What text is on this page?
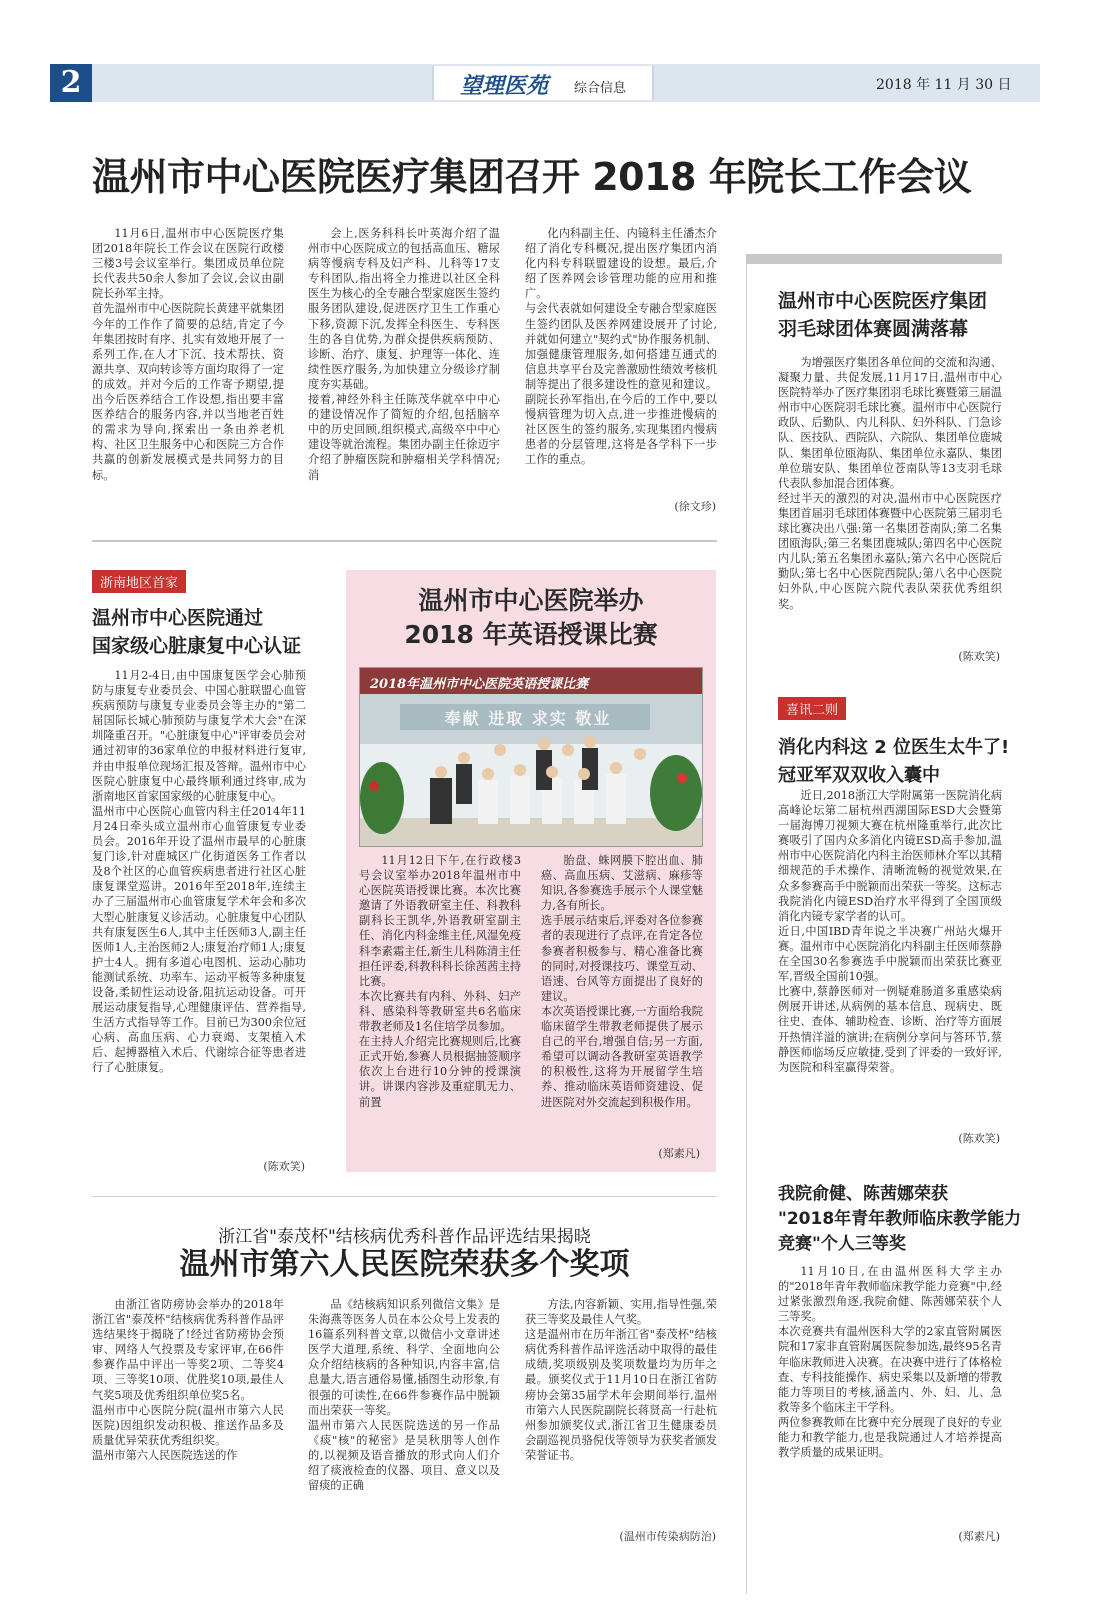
2	望理医苑 综合信息	2018 年 11 月 30 日
温州市中心医院医疗集团召开 2018 年院长工作会议
11月6日,温州市中心医院医疗集团2018年院长工作会议在医院行政楼三楼3号会议室举行。集团成员单位院长代表共50余人参加了会议,会议由副院长孙军主持。
首先温州市中心医院院长黄建平就集团今年的工作作了简要的总结,肯定了今年集团按时有序、扎实有效地开展了一系列工作,在人才下沉、技术帮扶、资源共享、双向转诊等方面均取得了一定的成效。并对今后的工作寄予期望,提出今后医养结合工作设想,指出要丰富医养结合的服务内容,并以当地老百姓的需求为导向,探索出一条由养老机构、社区卫生服务中心和医院三方合作共赢的创新发展模式是共同努力的目标。
会上,医务科科长叶英海介绍了温州市中心医院成立的包括高血压、糖尿病等慢病专科及妇产科、儿科等17支专科团队,指出将全力推进以社区全科医生为核心的全专融合型家庭医生签约服务团队建设,促进医疗卫生工作重心下移,资源下沉,发挥全科医生、专科医生的各自优势,为群众提供疾病预防、诊断、治疗、康复、护理等一体化、连续性医疗服务,为加快建立分级诊疗制度夯实基础。
接着,神经外科主任陈茂华就卒中中心的建设情况作了简短的介绍,包括脑卒中的历史回顾,组织模式,高级卒中中心建设等就治流程。集团办副主任徐迈宇介绍了肿瘤医院和肿瘤相关学科情况;消
化内科副主任、内镜科主任潘杰介绍了消化专科概况,提出医疗集团内消化内科专科联盟建设的设想。最后,介绍了医养网会诊管理功能的应用和推广。
与会代表就如何建设全专融合型家庭医生签约团队及医养网建设展开了讨论,并就如何建立"契约式"协作服务机制、加强健康管理服务,如何搭建互通式的信息共享平台及完善激励性绩效考核机制等提出了很多建设性的意见和建议。副院长孙军指出,在今后的工作中,要以慢病管理为切入点,进一步推进慢病的社区医生的签约服务,实现集团内慢病患者的分层管理,这将是各学科下一步工作的重点。
(徐文珍)
温州市中心医院医疗集团
羽毛球团体赛圆满落幕
为增强医疗集团各单位间的交流和沟通、凝聚力量、共促发展,11月17日,温州市中心医院特举办了医疗集团羽毛球比赛暨第三届温州市中心医院羽毛球比赛。温州市中心医院行政队、后勤队、内儿科队、妇外科队、门急诊队、医技队、西院队、六院队、集团单位鹿城队、集团单位瓯海队、集团单位永嘉队、集团单位瑞安队、集团单位苍南队等13支羽毛球代表队参加混合团体赛。
经过半天的激烈的对决,温州市中心医院医疗集团首届羽毛球团体赛暨中心医院第三届羽毛球比赛决出八强:第一名集团苍南队;第二名集团瓯海队;第三名集团鹿城队;第四名中心医院内儿队;第五名集团永嘉队;第六名中心医院后勤队;第七名中心医院西院队;第八名中心医院妇外队,中心医院六院代表队荣获优秀组织奖。
(陈欢笑)
喜讯二则
消化内科这 2 位医生太牛了!
冠亚军双双收入囊中
近日,2018浙江大学附属第一医院消化病高峰论坛第二届杭州西湖国际ESD大会暨第一届海博刀视频大赛在杭州隆重举行,此次比赛吸引了国内众多消化内镜ESD高手参加,温州市中心医院消化内科主治医师林介军以其精细规范的手术操作、清晰流畅的视觉效果,在众多参赛高手中脱颖而出荣获一等奖。这标志我院消化内镜ESD治疗水平得到了全国顶级消化内镜专家学者的认可。
近日,中国IBD青年说之半决赛广州站火爆开赛。温州市中心医院消化内科副主任医师蔡静在全国30名参赛选手中脱颖而出荣获比赛亚军,晋级全国前10强。
比赛中,蔡静医师对一例疑难肠道多重感染病例展开讲述,从病例的基本信息、现病史、既往史、查体、辅助检查、诊断、治疗等方面展开热情洋溢的演讲;在病例分享问与答环节,蔡静医师临场反应敏捷,受到了评委的一致好评,为医院和科室赢得荣誉。
(陈欢笑)
我院俞健、陈茜娜荣获
"2018年青年教师临床教学能力
竞赛"个人三等奖
11月10日,在由温州医科大学主办的"2018年青年教师临床教学能力竞赛"中,经过紧张激烈角逐,我院俞健、陈茜娜荣获个人三等奖。
本次竞赛共有温州医科大学的2家直管附属医院和17家非直管附属医院参加选,最终95名青年临床教师进入决赛。在决赛中进行了体格检查、专科技能操作、病史采集以及新增的带教能力等项目的考核,涵盖内、外、妇、儿、急救等多个临床主干学科。
两位参赛教师在比赛中充分展现了良好的专业能力和教学能力,也是我院通过人才培养提高教学质量的成果证明。
(郑素凡)
浙南地区首家
温州市中心医院通过
国家级心脏康复中心认证
11月2-4日,由中国康复医学会心肺预防与康复专业委员会、中国心脏联盟心血管疾病预防与康复专业委员会等主办的"第二届国际长城心肺预防与康复学术大会"在深圳隆重召开。"心脏康复中心"评审委员会对通过初审的36家单位的申报材料进行复审,并由申报单位现场汇报及答辩。温州市中心医院心脏康复中心最终顺利通过终审,成为浙南地区首家国家级的心脏康复中心。
温州市中心医院心血管内科主任2014年11月24日牵头成立温州市心血管康复专业委员会。2016年开设了温州市最早的心脏康复门诊,针对鹿城区广化街道医务工作者以及8个社区的心血管疾病患者进行社区心脏康复课堂巡讲。2016年至2018年,连续主办了三届温州市心血管康复学术年会和多次大型心脏康复义诊活动。心脏康复中心团队共有康复医生6人,其中主任医师3人,副主任医师1人,主治医师2人;康复治疗师1人;康复护士4人。拥有多道心电图机、运动心肺功能测试系统、功率车、运动平板等多种康复设备,柔韧性运动设备,阻抗运动设备。可开展运动康复指导,心理健康评估、营养指导,生活方式指导等工作。目前已为300余位冠心病、高血压病、心力衰竭、支架植入术后、起搏器植入术后、代谢综合征等患者进行了心脏康复。
(陈欢笑)
温州市中心医院举办
2018 年英语授课比赛
2018年温州市中心医院英语授课比赛
奉献 进取 求实 敬业
11月12日下午,在行政楼3号会议室举办2018年温州市中心医院英语授课比赛。本次比赛邀请了外语教研室主任、科教科副科长王凯华,外语教研室副主任、消化内科金维主任,风湿免疫科李素霜主任,新生儿科陈清主任担任评委,科教科科长徐茜茜主持比赛。
本次比赛共有内科、外科、妇产科、感染科等教研室共6名临床带教老师及1名住培学员参加。
在主持人介绍完比赛规则后,比赛正式开始,参赛人员根据抽签顺序依次上台进行10分钟的授课演讲。讲课内容涉及重症肌无力、前置
胎盘、蛛网膜下腔出血、肺癌、高血压病、艾滋病、麻疹等知识,各参赛选手展示个人课堂魅力,各有所长。
选手展示结束后,评委对各位参赛者的表现进行了点评,在肯定各位参赛者积极参与、精心准备比赛的同时,对授课技巧、课堂互动、语速、台风等方面提出了良好的建议。
本次英语授课比赛,一方面给我院临床留学生带教老师提供了展示自己的平台,增强自信;另一方面,希望可以调动各教研室英语教学的积极性,这将为开展留学生培养、推动临床英语师资建设、促进医院对外交流起到积极作用。
(郑素凡)
浙江省"泰茂杯"结核病优秀科普作品评选结果揭晓
温州市第六人民医院荣获多个奖项
由浙江省防痨协会举办的2018年浙江省"泰茂杯"结核病优秀科普作品评选结果终于揭晓了!经过省防痨协会预审、网络人气投票及专家评审,在66件参赛作品中评出一等奖2项、二等奖4项、三等奖10项、优胜奖10项,最佳人气奖5项及优秀组织单位奖5名。
温州市中心医院分院(温州市第六人民医院)因组织发动积极、推送作品多及质量优异荣获优秀组织奖。
温州市第六人民医院选送的作
品《结核病知识系列微信文集》是朱海燕等医务人员在本公众号上发表的16篇系列科普文章,以微信小文章讲述医学大道理,系统、科学、全面地向公众介绍结核病的各种知识,内容丰富,信息量大,语言通俗易懂,插图生动形象,有很强的可读性,在66件参赛作品中脱颖而出荣获一等奖。
温州市第六人民医院选送的另一作品《痰"核"的秘密》是吴秋朋等人创作的,以视频及语音播放的形式向人们介绍了痰液检查的仪器、项目、意义以及留痰的正确
方法,内容新颖、实用,指导性强,荣获三等奖及最佳人气奖。
这是温州市在历年浙江省"泰茂杯"结核病优秀科普作品评选活动中取得的最佳成绩,奖项级别及奖项数量均为历年之最。颁奖仪式于11月10日在浙江省防痨协会第35届学术年会期间举行,温州市第六人民医院副院长蒋贤高一行赴杭州参加颁奖仪式,浙江省卫生健康委员会副巡视员骆倪伐等领导为获奖者颁发荣誉证书。
(温州市传染病防治)
